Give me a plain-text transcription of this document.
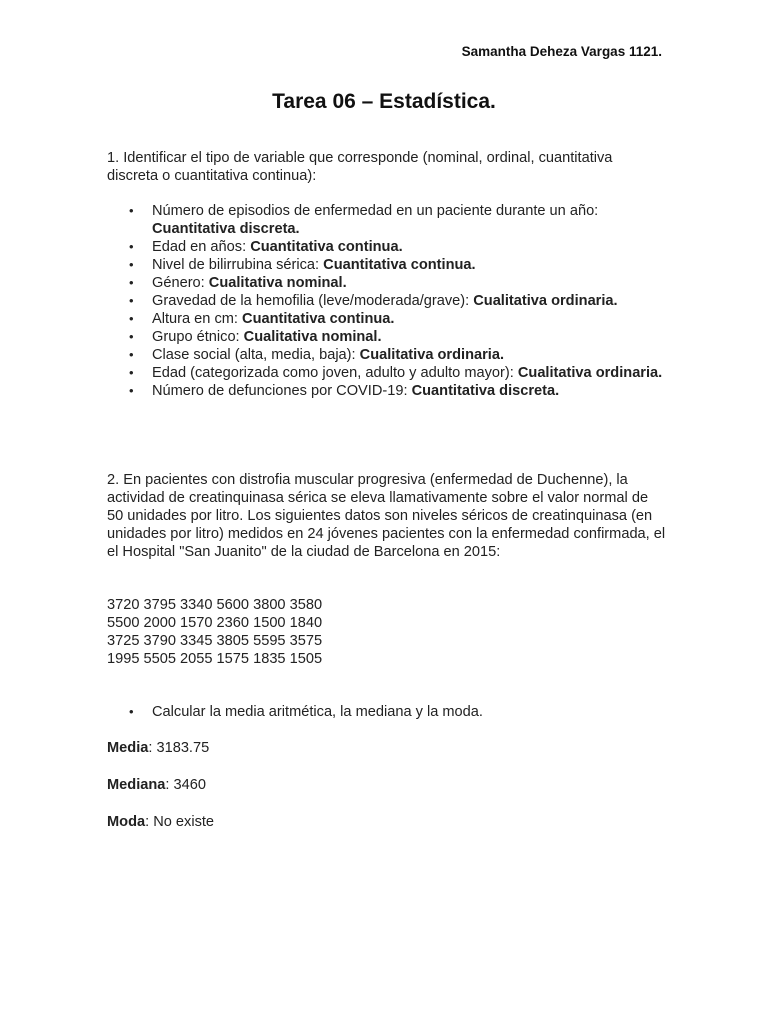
Samantha Deheza Vargas 1121.
Tarea 06 – Estadística.

1. Identificar el tipo de variable que corresponde (nominal, ordinal, cuantitativa discreta o cuantitativa continua):

• Número de episodios de enfermedad en un paciente durante un año: Cuantitativa discreta.
• Edad en años: Cuantitativa continua.
• Nivel de bilirrubina sérica: Cuantitativa continua.
• Género: Cualitativa nominal.
• Gravedad de la hemofilia (leve/moderada/grave): Cualitativa ordinaria.
• Altura en cm: Cuantitativa continua.
• Grupo étnico: Cualitativa nominal.
• Clase social (alta, media, baja): Cualitativa ordinaria.
• Edad (categorizada como joven, adulto y adulto mayor): Cualitativa ordinaria.
• Número de defunciones por COVID-19: Cuantitativa discreta.

2. En pacientes con distrofia muscular progresiva (enfermedad de Duchenne), la actividad de creatinquinasa sérica se eleva llamativamente sobre el valor normal de 50 unidades por litro. Los siguientes datos son niveles séricos de creatinquinasa (en unidades por litro) medidos en 24 jóvenes pacientes con la enfermedad confirmada, el el Hospital "San Juanito" de la ciudad de Barcelona en 2015:

3720 3795 3340 5600 3800 3580
5500 2000 1570 2360 1500 1840
3725 3790 3345 3805 5595 3575
1995 5505 2055 1575 1835 1505
• Calcular la media aritmética, la mediana y la moda.
Media: 3183.75
Mediana: 3460
Moda: No existe
